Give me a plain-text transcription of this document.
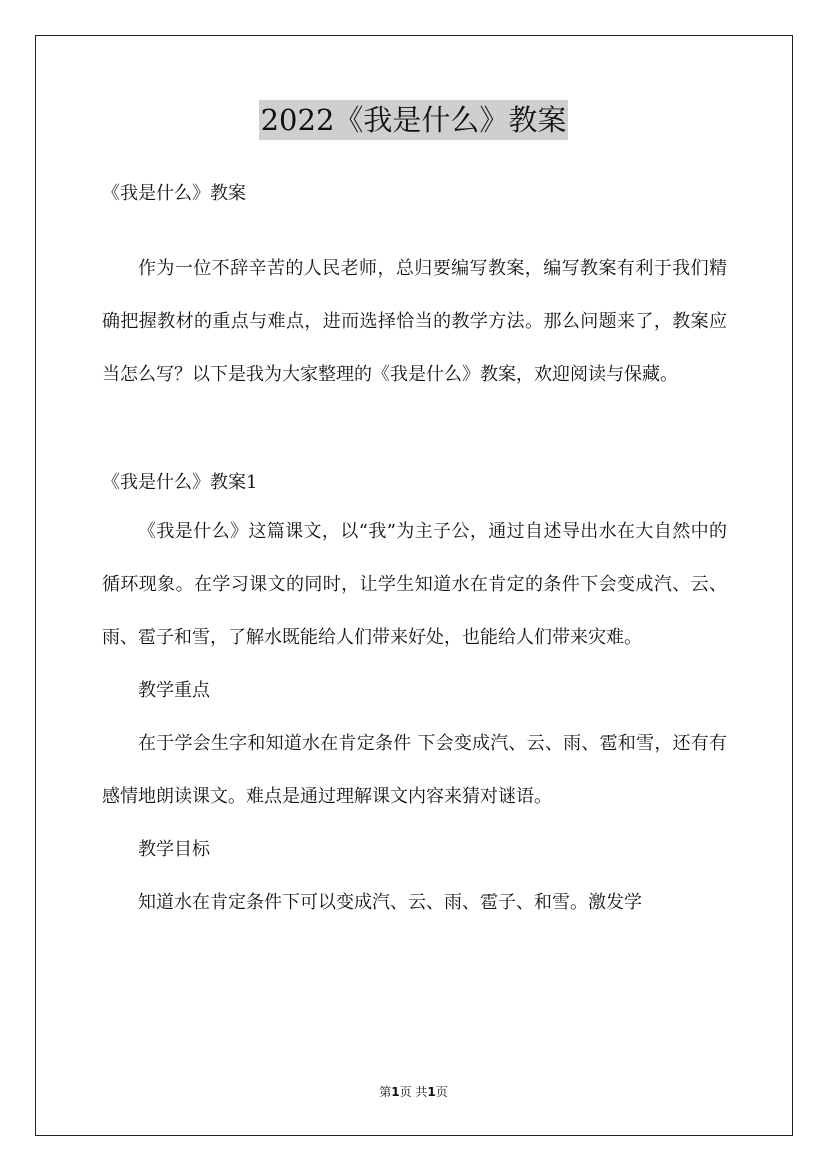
2022《我是什么》教案
《我是什么》教案
作为一位不辞辛苦的人民老师，总归要编写教案，编写教案有利于我们精确把握教材的重点与难点，进而选择恰当的教学方法。那么问题来了，教案应当怎么写？以下是我为大家整理的《我是什么》教案，欢迎阅读与保藏。
《我是什么》教案1
《我是什么》这篇课文，以“我”为主子公，通过自述导出水在大自然中的循环现象。在学习课文的同时，让学生知道水在肯定的条件下会变成汽、云、雨、雹子和雪，了解水既能给人们带来好处，也能给人们带来灾难。
教学重点
在于学会生字和知道水在肯定条件 下会变成汽、云、雨、雹和雪，还有有感情地朗读课文。难点是通过理解课文内容来猜对谜语。
教学目标
知道水在肯定条件下可以变成汽、云、雨、雹子、和雪。激发学
第1页 共1页
